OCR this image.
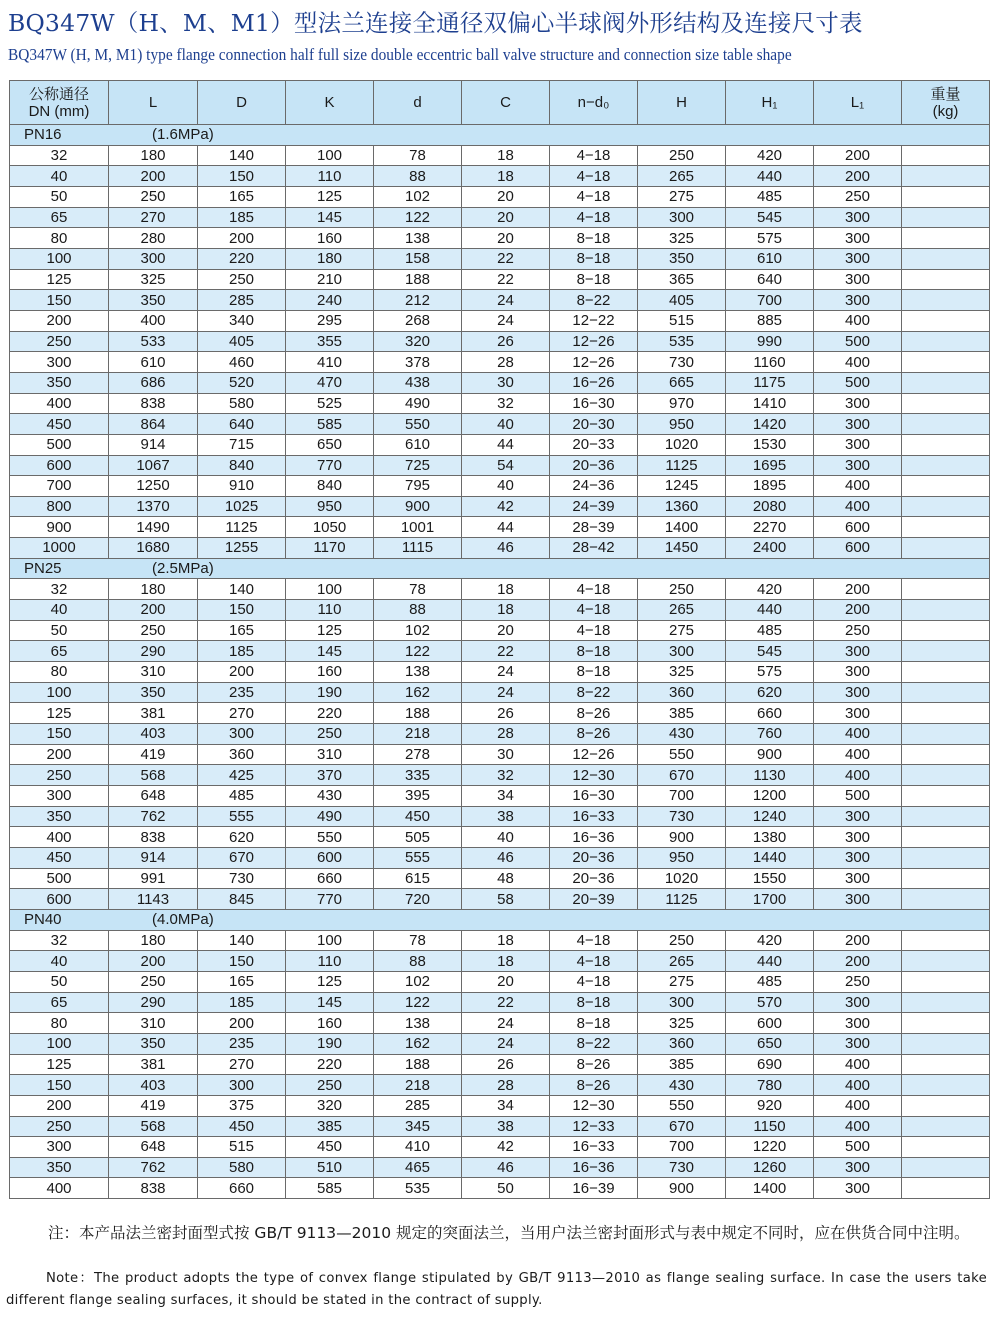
BQ347W（H、M、M1）型法兰连接全通径双偏心半球阀外形结构及连接尺寸表
BQ347W (H, M, M1) type flange connection half full size double eccentric ball valve structure and connection size table shape
公称通径
DN (mm)	L	D	K	d	C	n−d₀	H	H₁	L₁	重量
(kg)
PN16 (1.6MPa)										
32	180	140	100	78	18	4−18	250	420	200	
40	200	150	110	88	18	4−18	265	440	200	
50	250	165	125	102	20	4−18	275	485	250	
65	270	185	145	122	20	4−18	300	545	300	
80	280	200	160	138	20	8−18	325	575	300	
100	300	220	180	158	22	8−18	350	610	300	
125	325	250	210	188	22	8−18	365	640	300	
150	350	285	240	212	24	8−22	405	700	300	
200	400	340	295	268	24	12−22	515	885	400	
250	533	405	355	320	26	12−26	535	990	500	
300	610	460	410	378	28	12−26	730	1160	400	
350	686	520	470	438	30	16−26	665	1175	500	
400	838	580	525	490	32	16−30	970	1410	300	
450	864	640	585	550	40	20−30	950	1420	300	
500	914	715	650	610	44	20−33	1020	1530	300	
600	1067	840	770	725	54	20−36	1125	1695	300	
700	1250	910	840	795	40	24−36	1245	1895	400	
800	1370	1025	950	900	42	24−39	1360	2080	400	
900	1490	1125	1050	1001	44	28−39	1400	2270	600	
1000	1680	1255	1170	1115	46	28−42	1450	2400	600	
PN25 (2.5MPa)										
32	180	140	100	78	18	4−18	250	420	200	
40	200	150	110	88	18	4−18	265	440	200	
50	250	165	125	102	20	4−18	275	485	250	
65	290	185	145	122	22	8−18	300	545	300	
80	310	200	160	138	24	8−18	325	575	300	
100	350	235	190	162	24	8−22	360	620	300	
125	381	270	220	188	26	8−26	385	660	300	
150	403	300	250	218	28	8−26	430	760	400	
200	419	360	310	278	30	12−26	550	900	400	
250	568	425	370	335	32	12−30	670	1130	400	
300	648	485	430	395	34	16−30	700	1200	500	
350	762	555	490	450	38	16−33	730	1240	300	
400	838	620	550	505	40	16−36	900	1380	300	
450	914	670	600	555	46	20−36	950	1440	300	
500	991	730	660	615	48	20−36	1020	1550	300	
600	1143	845	770	720	58	20−39	1125	1700	300	
PN40 (4.0MPa)										
32	180	140	100	78	18	4−18	250	420	200	
40	200	150	110	88	18	4−18	265	440	200	
50	250	165	125	102	20	4−18	275	485	250	
65	290	185	145	122	22	8−18	300	570	300	
80	310	200	160	138	24	8−18	325	600	300	
100	350	235	190	162	24	8−22	360	650	300	
125	381	270	220	188	26	8−26	385	690	400	
150	403	300	250	218	28	8−26	430	780	400	
200	419	375	320	285	34	12−30	550	920	400	
250	568	450	385	345	38	12−33	670	1150	400	
300	648	515	450	410	42	16−33	700	1220	500	
350	762	580	510	465	46	16−36	730	1260	300	
400	838	660	585	535	50	16−39	900	1400	300	
注：本产品法兰密封面型式按 GB/T 9113—2010 规定的突面法兰，当用户法兰密封面形式与表中规定不同时，应在供货合同中注明。
Note：The product adopts the type of convex flange stipulated by GB/T 9113—2010 as flange sealing surface. In case the users take different flange sealing surfaces, it should be stated in the contract of supply.
